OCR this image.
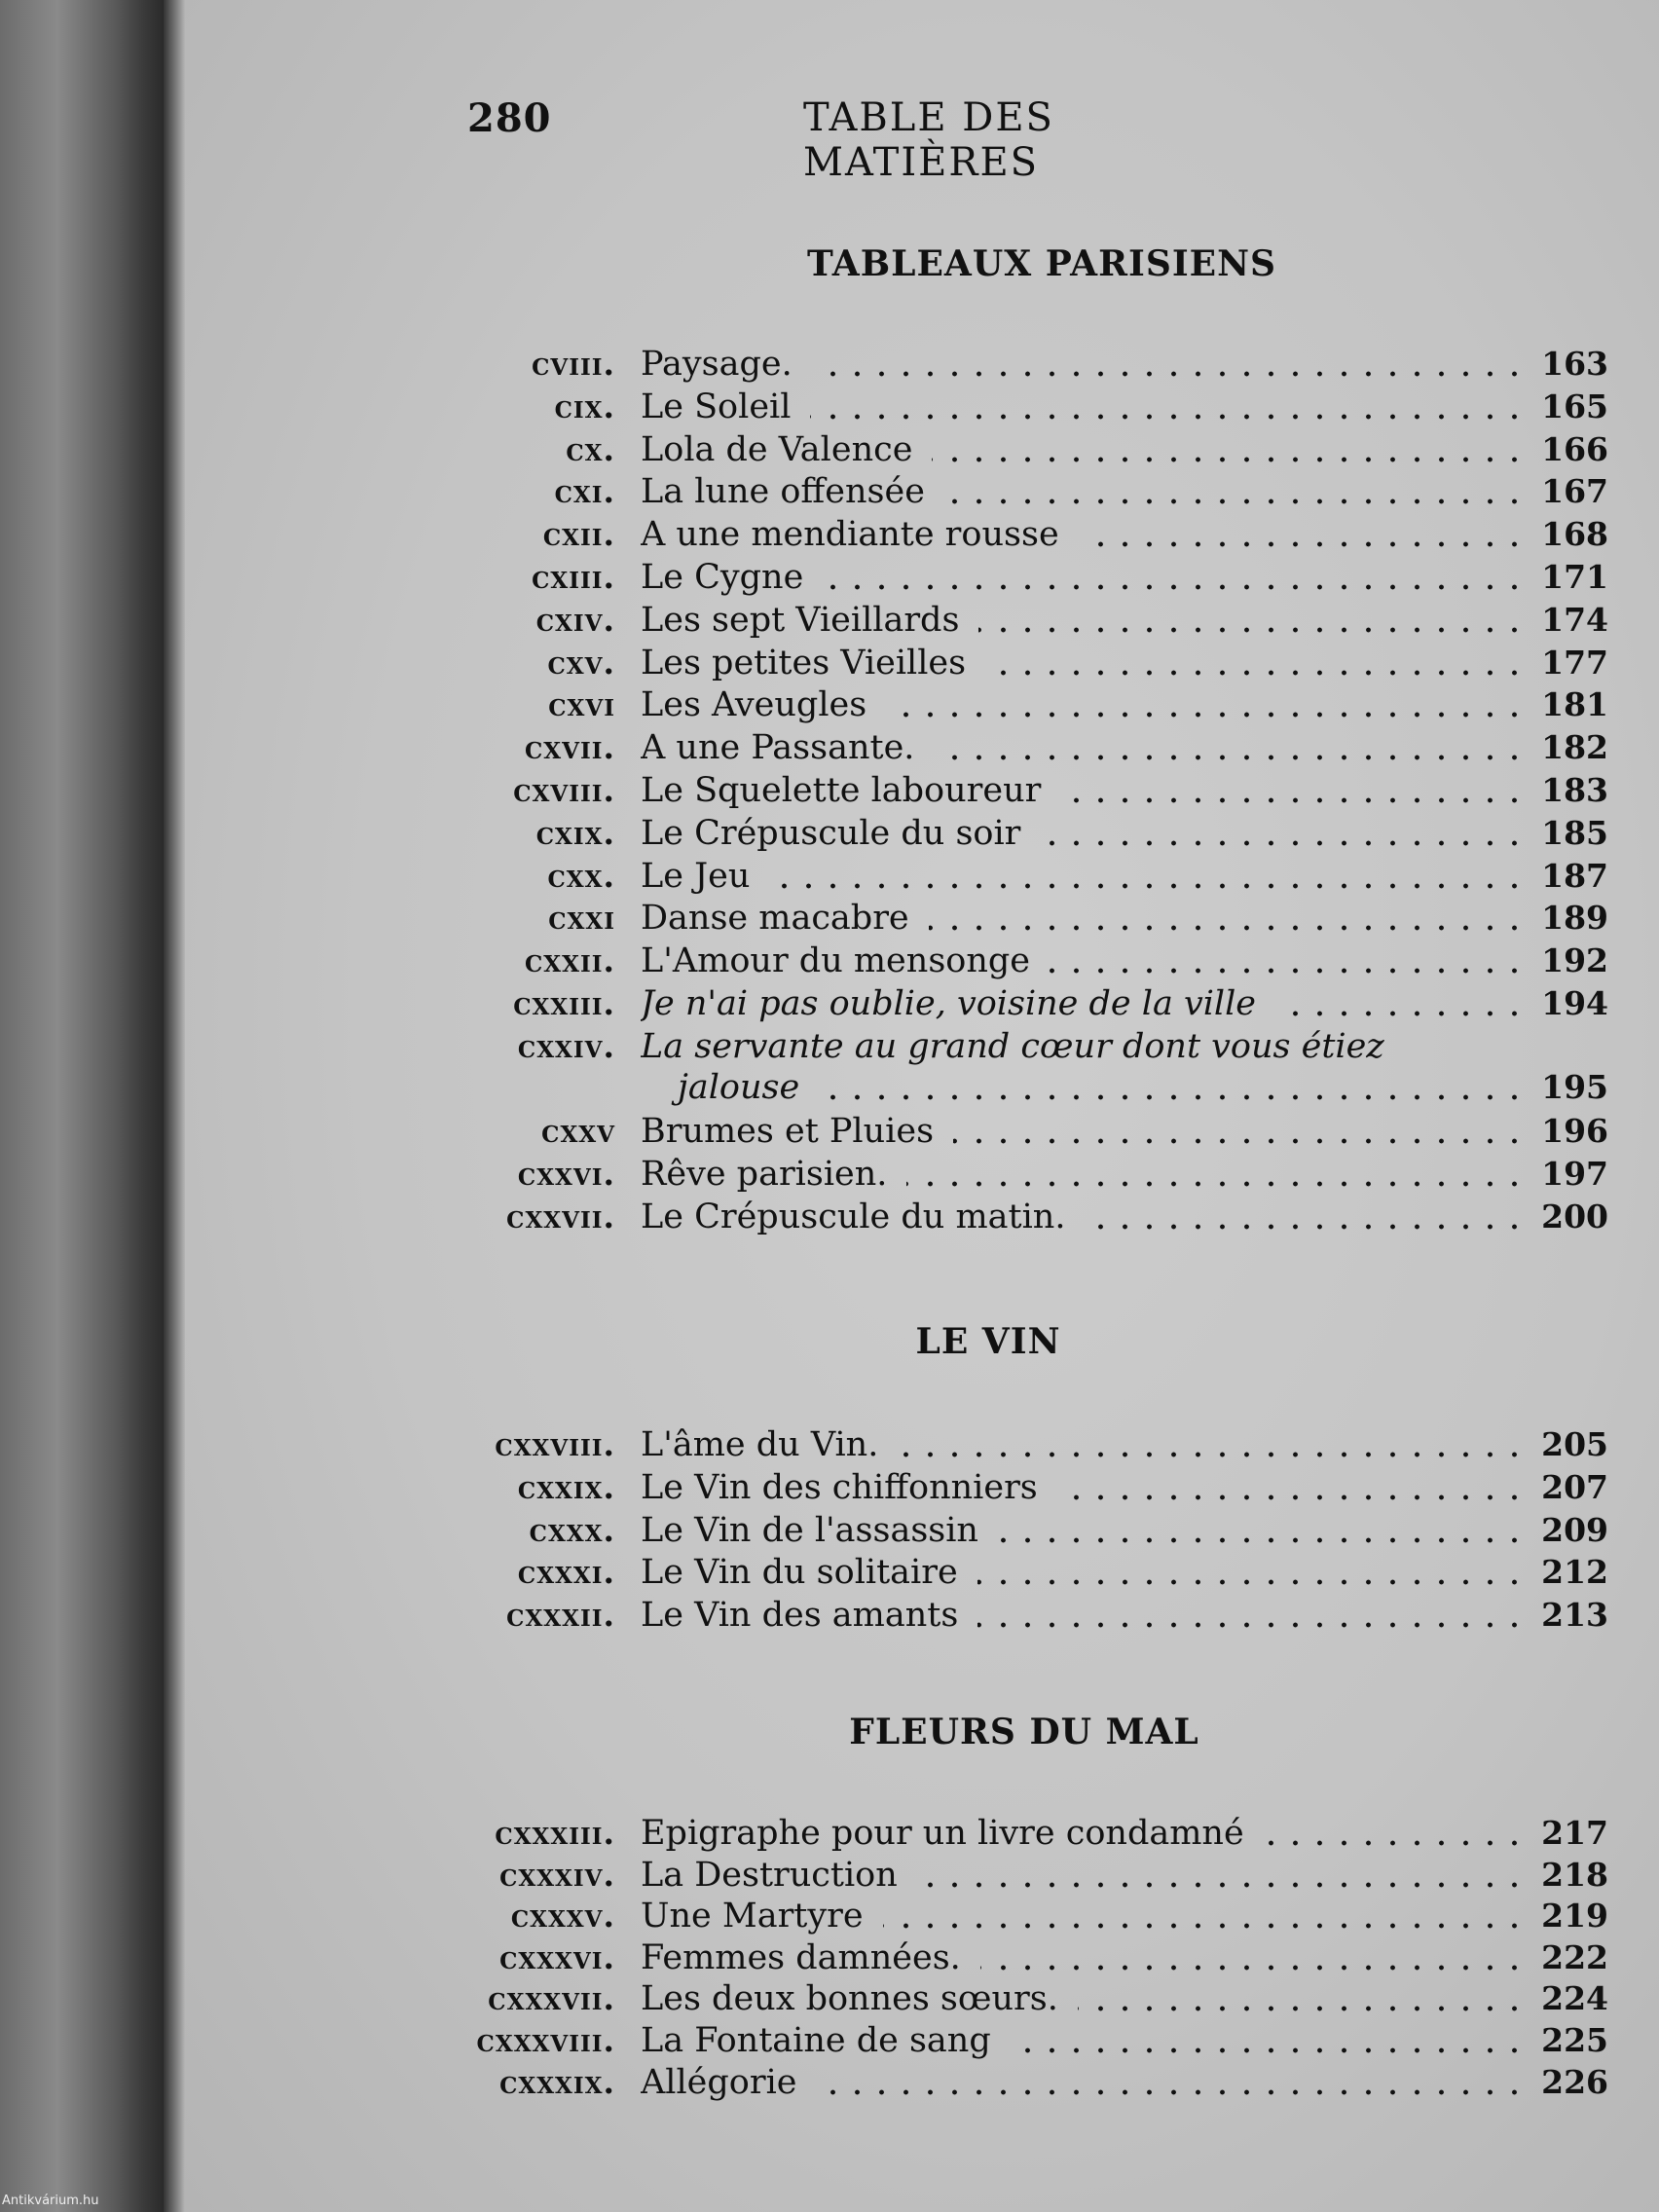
280	TABLE DES MATIÈRES
TABLEAUX PARISIENS
LE VIN
FLEURS DU MAL
cviii. Paysage.	163
cix. Le Soleil	165
cx. Lola de Valence	166
cxi. La lune offensée	167
cxii. A une mendiante rousse	168
cxiii. Le Cygne	171
cxiv. Les sept Vieillards	174
cxv. Les petites Vieilles	177
cxvi Les Aveugles	181
cxvii. A une Passante.	182
cxviii. Le Squelette laboureur	183
cxix. Le Crépuscule du soir	185
cxx. Le Jeu	187
cxxi Danse macabre	189
cxxii. L'Amour du mensonge	192
cxxiii. Je n'ai pas oublie, voisine de la ville	194
cxxiv. La servante au grand cœur dont vous étiez
jalouse	195
cxxv Brumes et Pluies	196
cxxvi. Rêve parisien.	197
cxxvii. Le Crépuscule du matin.	200
cxxviii. L'âme du Vin.	205
cxxix. Le Vin des chiffonniers	207
cxxx. Le Vin de l'assassin	209
cxxxi. Le Vin du solitaire	212
cxxxii. Le Vin des amants	213
cxxxiii. Epigraphe pour un livre condamné	217
cxxxiv. La Destruction	218
cxxxv. Une Martyre	219
cxxxvi. Femmes damnées.	222
cxxxvii. Les deux bonnes sœurs.	224
cxxxviii. La Fontaine de sang	225
cxxxix. Allégorie	226
Antikvárium.hu
